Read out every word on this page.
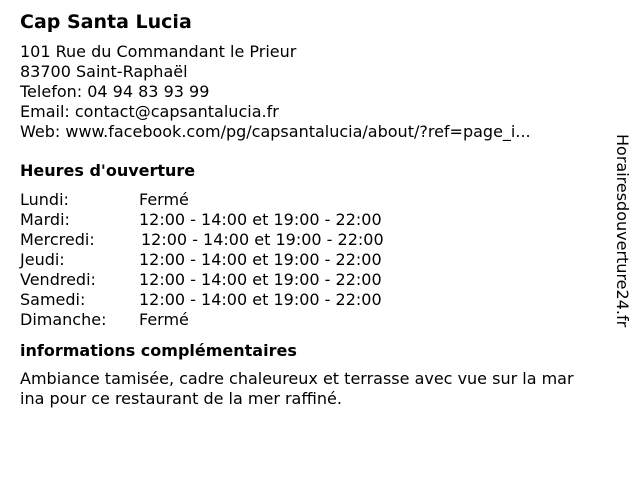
Cap Santa Lucia

101 Rue du Commandant le Prieur

83700 Saint-Raphaël

Telefon: 04 94 83 93 99

Email: contact@capsantalucia.fr

Web: www.facebook.com/pg/capsantalucia/about/?ref=page_i...

Heures d'ouverture
Lundi:	Fermé
Mardi:	12:00 - 14:00 et 19:00 - 22:00
Mercredi:	12:00 - 14:00 et 19:00 - 22:00
Jeudi:	12:00 - 14:00 et 19:00 - 22:00
Vendredi:	12:00 - 14:00 et 19:00 - 22:00
Samedi:	12:00 - 14:00 et 19:00 - 22:00
Dimanche:	Fermé
informations complémentaires

Ambiance tamisée, cadre chaleureux et terrasse avec vue sur la mar

ina pour ce restaurant de la mer raffiné.

Horairesdouverture24.fr
